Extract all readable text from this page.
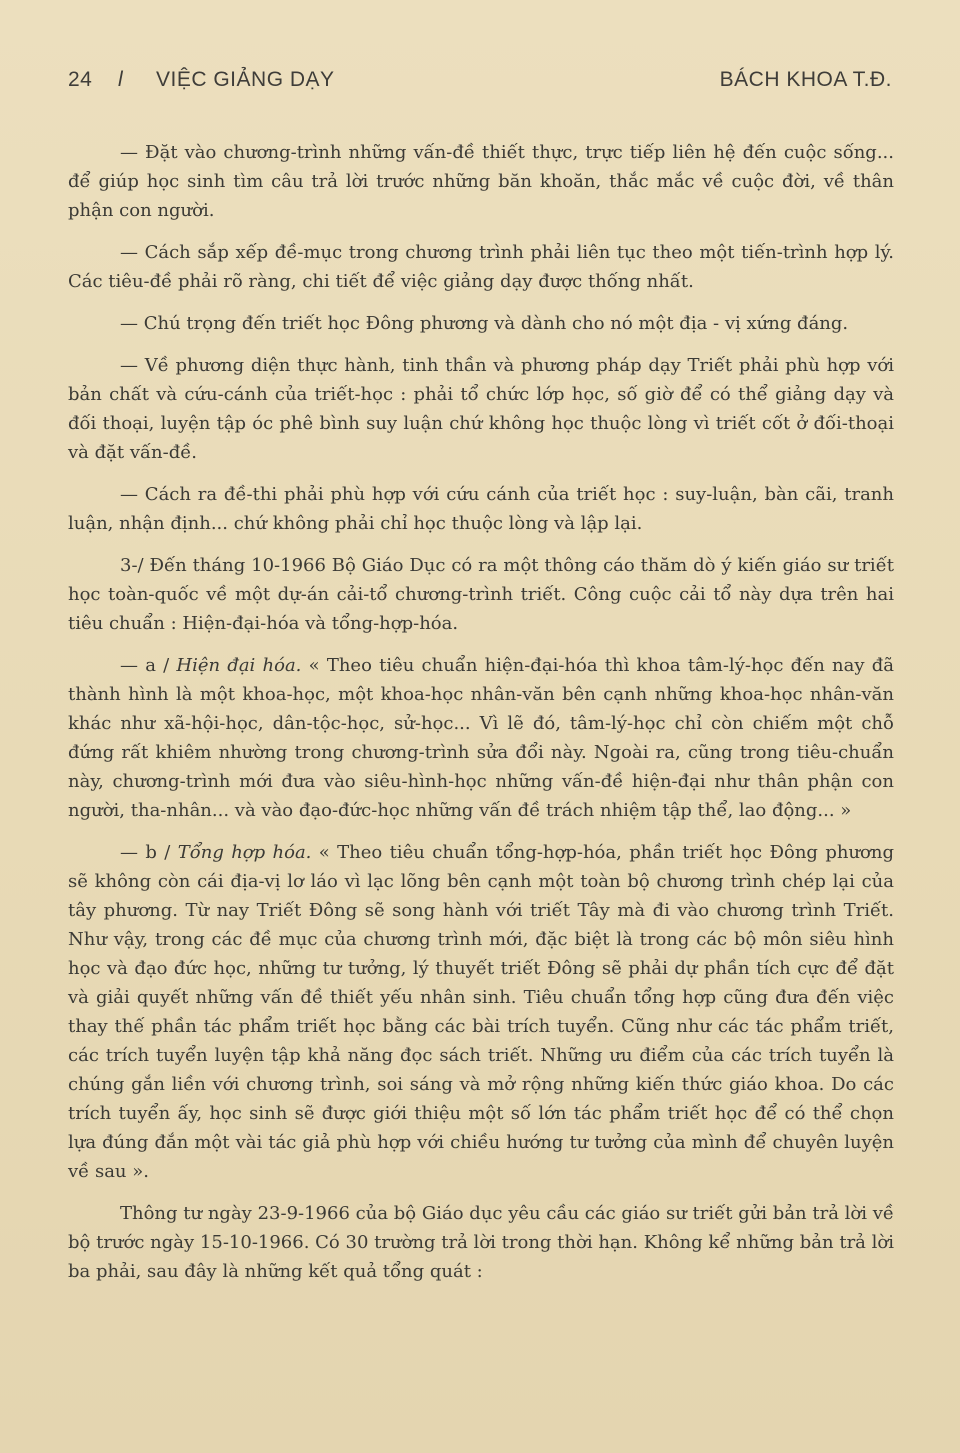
24 l VIỆC GIẢNG DẠY	BÁCH KHOA T.Đ.

— Đặt vào chương-trình những vấn-đề thiết thực, trực tiếp liên hệ đến cuộc sống... để giúp học sinh tìm câu trả lời trước những băn khoăn, thắc mắc về cuộc đời, về thân phận con người.

— Cách sắp xếp đề-mục trong chương trình phải liên tục theo một tiến-trình hợp lý. Các tiêu-đề phải rõ ràng, chi tiết để việc giảng dạy được thống nhất.

— Chú trọng đến triết học Đông phương và dành cho nó một địa - vị xứng đáng.

— Về phương diện thực hành, tinh thần và phương pháp dạy Triết phải phù hợp với bản chất và cứu-cánh của triết-học : phải tổ chức lớp học, số giờ để có thể giảng dạy và đối thoại, luyện tập óc phê bình suy luận chứ không học thuộc lòng vì triết cốt ở đối-thoại và đặt vấn-đề.

— Cách ra đề-thi phải phù hợp với cứu cánh của triết học : suy-luận, bàn cãi, tranh luận, nhận định... chứ không phải chỉ học thuộc lòng và lập lại.

3-/ Đến tháng 10-1966 Bộ Giáo Dục có ra một thông cáo thăm dò ý kiến giáo sư triết học toàn-quốc về một dự-án cải-tổ chương-trình triết. Công cuộc cải tổ này dựa trên hai tiêu chuẩn : Hiện-đại-hóa và tổng-hợp-hóa.

— a / Hiện đại hóa. « Theo tiêu chuẩn hiện-đại-hóa thì khoa tâm-lý-học đến nay đã thành hình là một khoa-học, một khoa-học nhân-văn bên cạnh những khoa-học nhân-văn khác như xã-hội-học, dân-tộc-học, sử-học... Vì lẽ đó, tâm-lý-học chỉ còn chiếm một chỗ đứng rất khiêm nhường trong chương-trình sửa đổi này. Ngoài ra, cũng trong tiêu-chuẩn này, chương-trình mới đưa vào siêu-hình-học những vấn-đề hiện-đại như thân phận con người, tha-nhân... và vào đạo-đức-học những vấn đề trách nhiệm tập thể, lao động... »

— b / Tổng hợp hóa. « Theo tiêu chuẩn tổng-hợp-hóa, phần triết học Đông phương sẽ không còn cái địa-vị lơ láo vì lạc lõng bên cạnh một toàn bộ chương trình chép lại của tây phương. Từ nay Triết Đông sẽ song hành với triết Tây mà đi vào chương trình Triết. Như vậy, trong các đề mục của chương trình mới, đặc biệt là trong các bộ môn siêu hình học và đạo đức học, những tư tưởng, lý thuyết triết Đông sẽ phải dự phần tích cực để đặt và giải quyết những vấn đề thiết yếu nhân sinh. Tiêu chuẩn tổng hợp cũng đưa đến việc thay thế phần tác phẩm triết học bằng các bài trích tuyển. Cũng như các tác phẩm triết, các trích tuyển luyện tập khả năng đọc sách triết. Những ưu điểm của các trích tuyển là chúng gắn liền với chương trình, soi sáng và mở rộng những kiến thức giáo khoa. Do các trích tuyển ấy, học sinh sẽ được giới thiệu một số lớn tác phẩm triết học để có thể chọn lựa đúng đắn một vài tác giả phù hợp với chiều hướng tư tưởng của mình để chuyên luyện về sau ».

Thông tư ngày 23-9-1966 của bộ Giáo dục yêu cầu các giáo sư triết gửi bản trả lời về bộ trước ngày 15-10-1966. Có 30 trường trả lời trong thời hạn. Không kể những bản trả lời ba phải, sau đây là những kết quả tổng quát :
